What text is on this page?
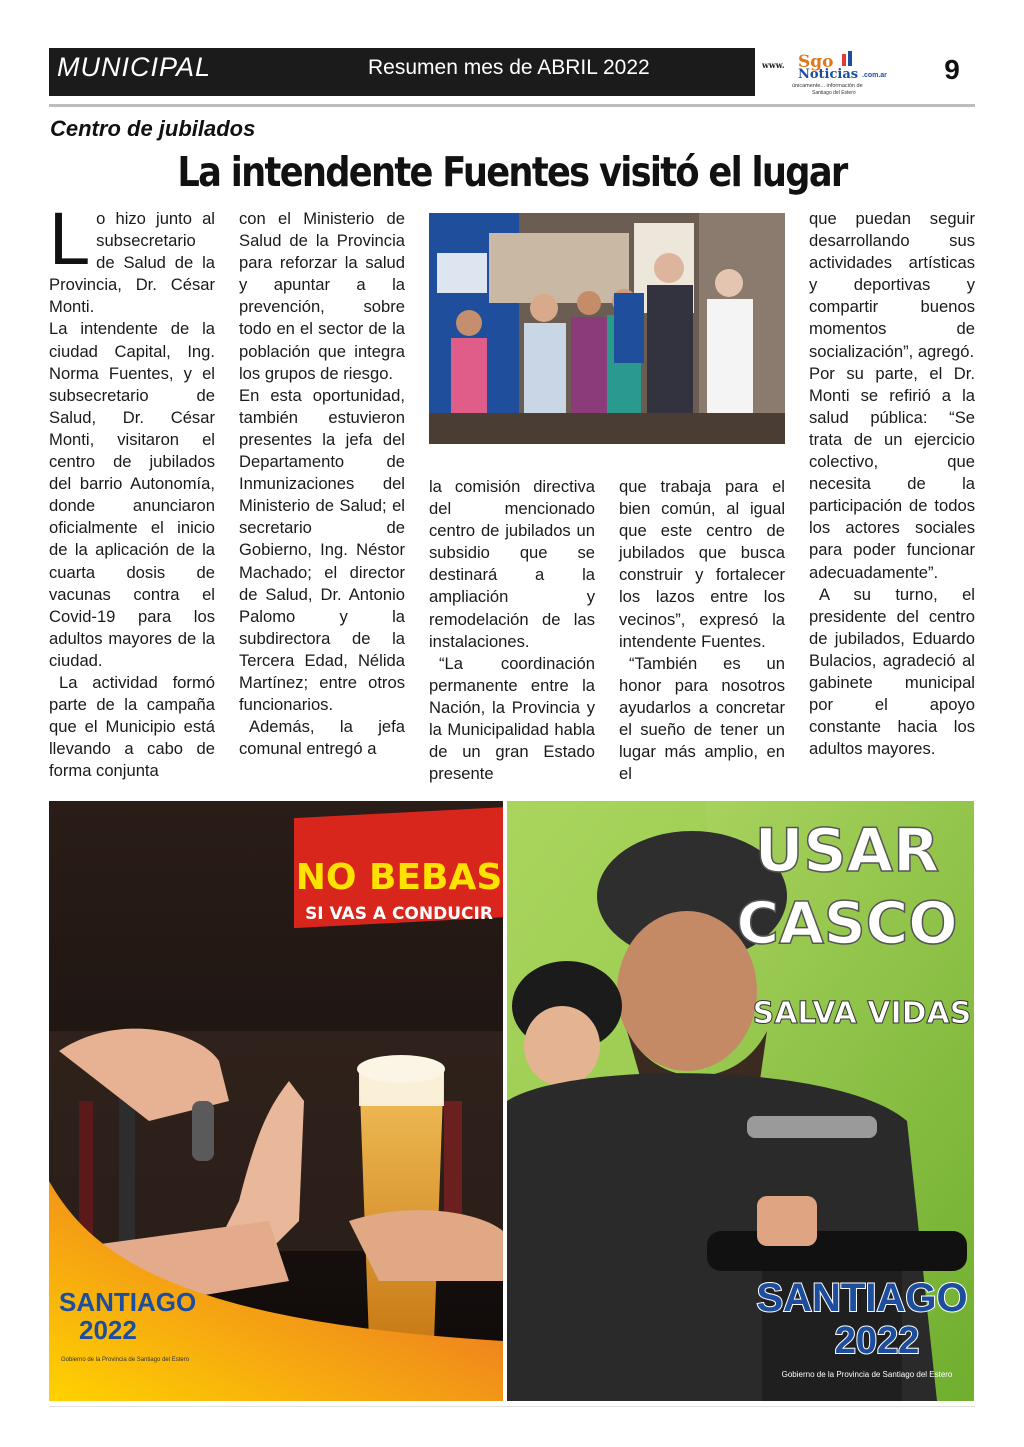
MUNICIPAL	Resumen mes de ABRIL 2022	www. Sgo
Noticias .com.ar
únicamente... información de
Santiago del Estero
9
Centro de jubilados
La intendente Fuentes visitó el lugar

Lo hizo junto al subsecretario de Salud de la Provincia, Dr. César Monti.

La intendente de la ciudad Capital, Ing. Norma Fuentes, y el subsecretario de Salud, Dr. César Monti, visitaron el centro de jubilados del barrio Autonomía, donde anunciaron oficialmente el inicio de la aplicación de la cuarta dosis de vacunas contra el Covid-19 para los adultos mayores de la ciudad.

La actividad formó parte de la campaña que el Municipio está llevando a cabo de forma conjunta

con el Ministerio de Salud de la Provincia para reforzar la salud y apuntar a la prevención, sobre todo en el sector de la población que integra los grupos de riesgo.

En esta oportunidad, también estuvieron presentes la jefa del Departamento de Inmunizaciones del Ministerio de Salud; el secretario de Gobierno, Ing. Néstor Machado; el director de Salud, Dr. Antonio Palomo y la subdirectora de la Tercera Edad, Nélida Martínez; entre otros funcionarios.

Además, la jefa comunal entregó a

la comisión directiva del mencionado centro de jubilados un subsidio que se destinará a la ampliación y remodelación de las instalaciones.

“La coordinación permanente entre la Nación, la Provincia y la Municipalidad habla de un gran Estado presente

que trabaja para el bien común, al igual que este centro de jubilados que busca construir y fortalecer los lazos entre los vecinos”, expresó la intendente Fuentes.

“También es un honor para nosotros ayudarlos a concretar el sueño de tener un lugar más amplio, en el

que puedan seguir desarrollando sus actividades artísticas y deportivas y compartir buenos momentos de socialización”, agregó.

Por su parte, el Dr. Monti se refirió a la salud pública: “Se trata de un ejercicio colectivo, que necesita de la participación de todos los actores sociales para poder funcionar adecuadamente”.

A su turno, el presidente del centro de jubilados, Eduardo Bulacios, agradeció al gabinete municipal por el apoyo constante hacia los adultos mayores.

SANTIAGO
2022
Gobierno de la Provincia de Santiago del Estero
NO BEBAS
SI VAS A CONDUCIR
USAR
CASCO
SALVA VIDAS
SANTIAGO
2022
Gobierno de la Provincia de Santiago del Estero
